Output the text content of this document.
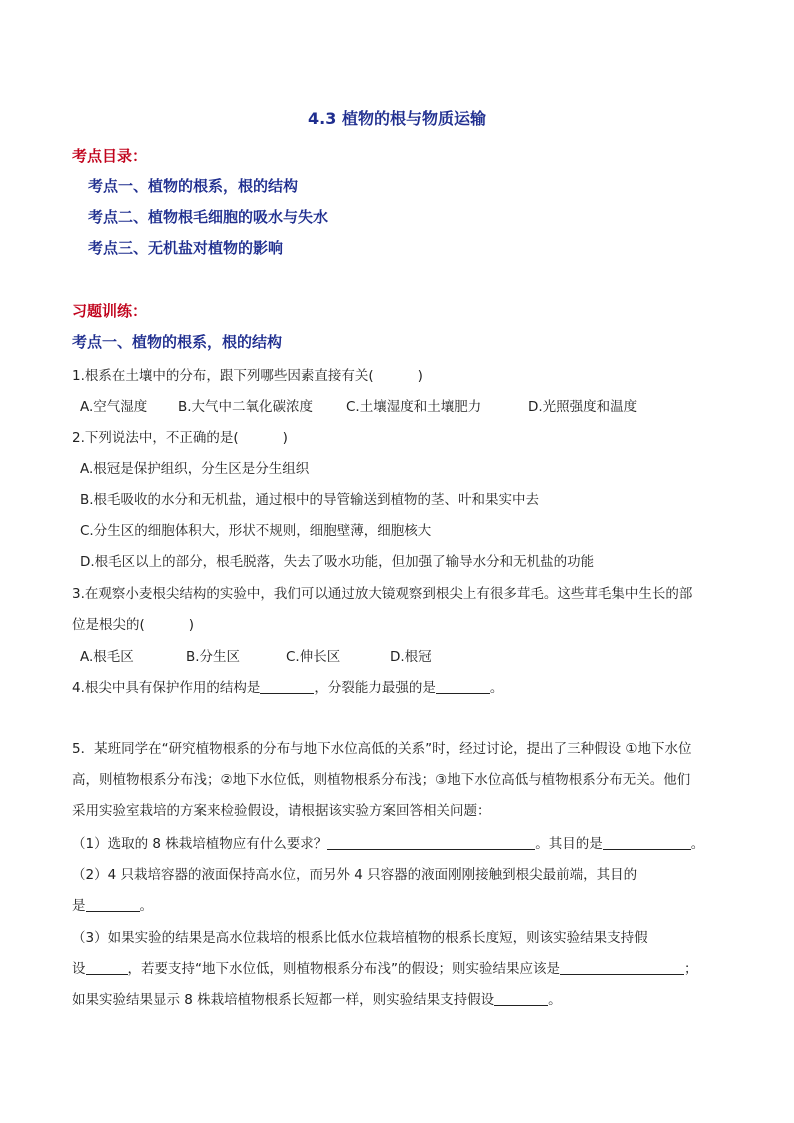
4.3 植物的根与物质运输
考点目录：
考点一、植物的根系，根的结构
考点二、植物根毛细胞的吸水与失水
考点三、无机盐对植物的影响
习题训练：
考点一、植物的根系，根的结构
1.根系在土壤中的分布，跟下列哪些因素直接有关(	)
A.空气湿度 B.大气中二氧化碳浓度 C.土壤湿度和土壤肥力	D.光照强度和温度
2.下列说法中，不正确的是(	)
A.根冠是保护组织，分生区是分生组织
B.根毛吸收的水分和无机盐，通过根中的导管输送到植物的茎、叶和果实中去
C.分生区的细胞体积大，形状不规则，细胞壁薄，细胞核大
D.根毛区以上的部分，根毛脱落，失去了吸水功能，但加强了输导水分和无机盐的功能
3.在观察小麦根尖结构的实验中，我们可以通过放大镜观察到根尖上有很多茸毛。这些茸毛集中生长的部
位是根尖的(	)
A.根毛区	B.分生区	C.伸长区	D.根冠
4.根尖中具有保护作用的结构是	，分裂能力最强的是	。
5．某班同学在“研究植物根系的分布与地下水位高低的关系”时，经过讨论，提出了三种假设 ①地下水位
高，则植物根系分布浅；②地下水位低，则植物根系分布浅；③地下水位高低与植物根系分布无关。他们
采用实验室栽培的方案来检验假设，请根据该实验方案回答相关问题：
（1）选取的 8 株栽培植物应有什么要求？	。其目的是	。
（2）4 只栽培容器的液面保持高水位，而另外 4 只容器的液面刚刚接触到根尖最前端，其目的
是	。
（3）如果实验的结果是高水位栽培的根系比低水位栽培植物的根系长度短，则该实验结果支持假
设	，若要支持“地下水位低，则植物根系分布浅”的假设；则实验结果应该是	；
如果实验结果显示 8 株栽培植物根系长短都一样，则实验结果支持假设	。
